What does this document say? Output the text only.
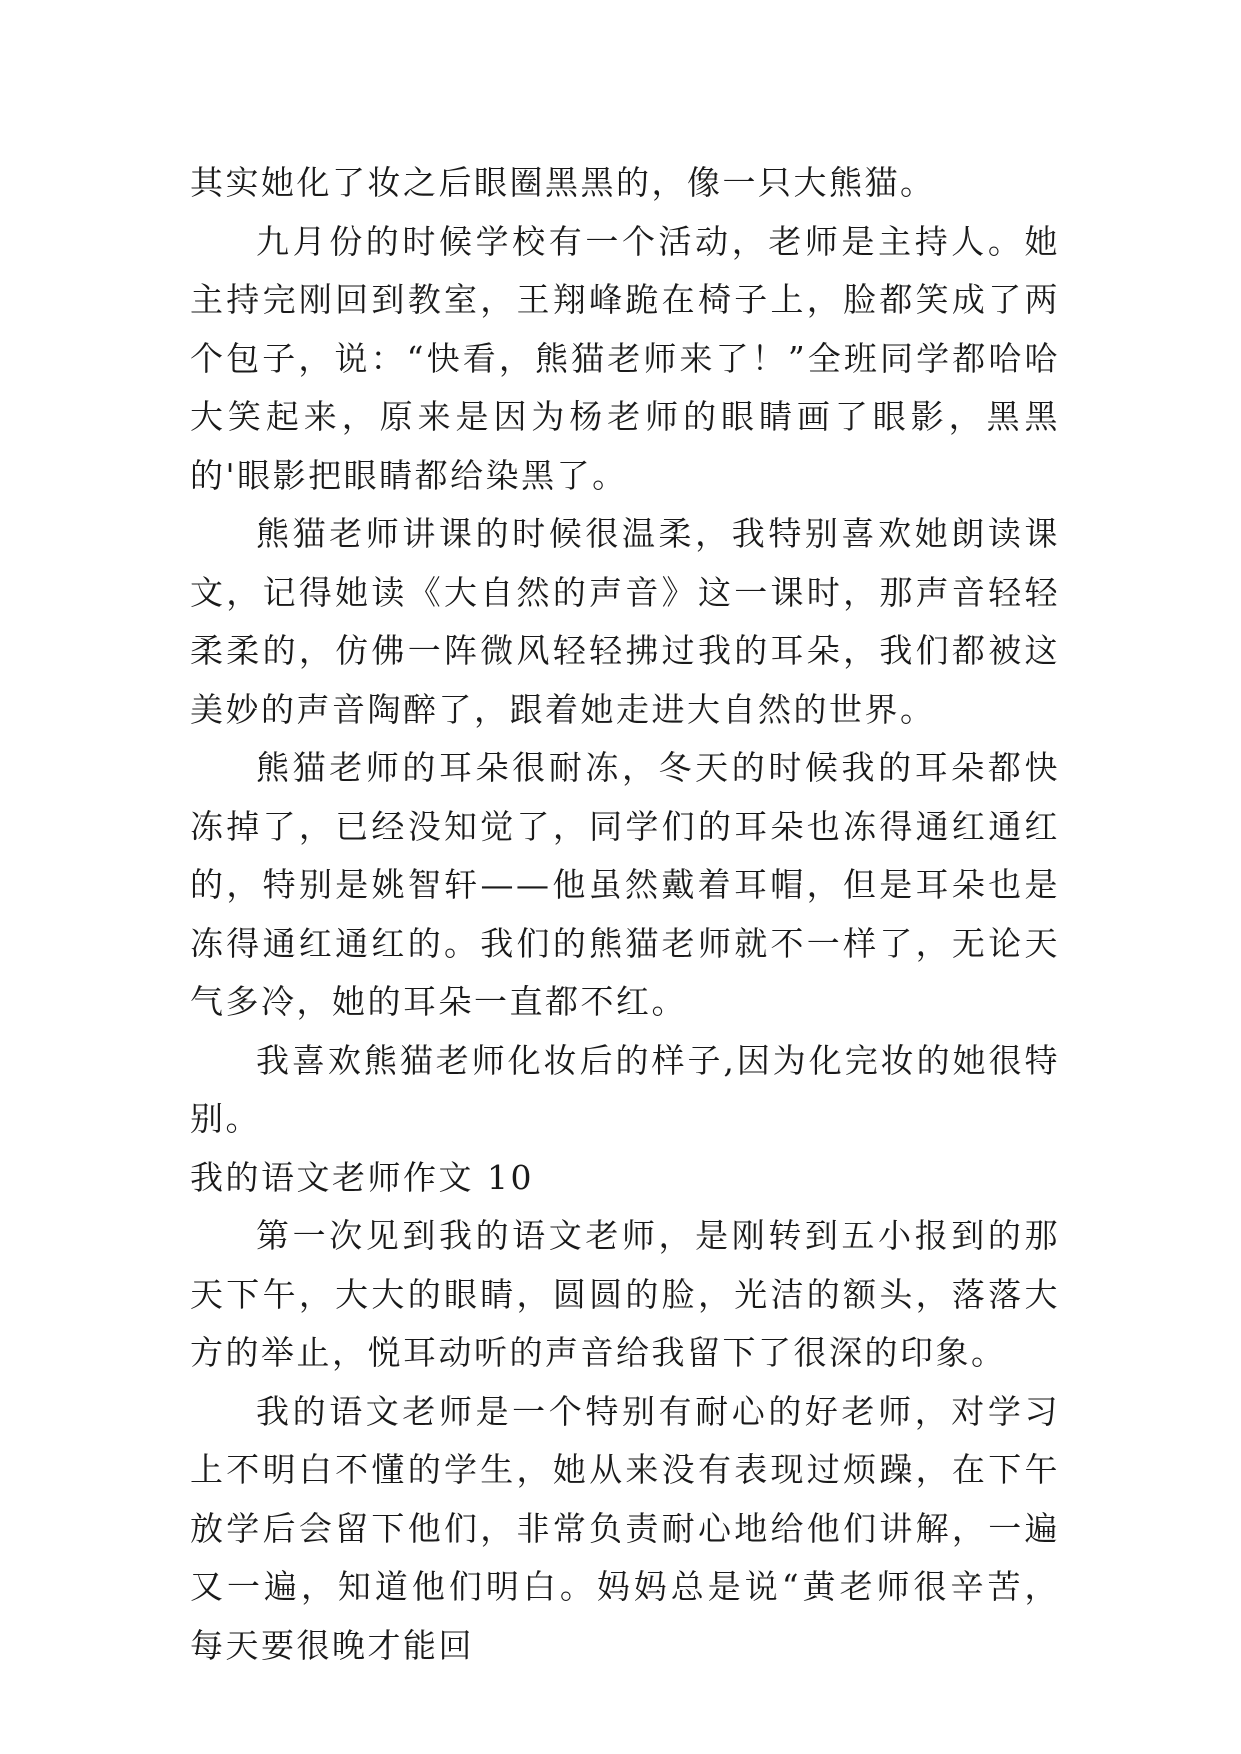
其实她化了妆之后眼圈黑黑的，像一只大熊猫。

九月份的时候学校有一个活动，老师是主持人。她主持完刚回到教室，王翔峰跪在椅子上，脸都笑成了两个包子，说：“快看，熊猫老师来了！”全班同学都哈哈大笑起来，原来是因为杨老师的眼睛画了眼影，黑黑的'眼影把眼睛都给染黑了。

熊猫老师讲课的时候很温柔，我特别喜欢她朗读课文，记得她读《大自然的声音》这一课时，那声音轻轻柔柔的，仿佛一阵微风轻轻拂过我的耳朵，我们都被这美妙的声音陶醉了，跟着她走进大自然的世界。

熊猫老师的耳朵很耐冻，冬天的时候我的耳朵都快冻掉了，已经没知觉了，同学们的耳朵也冻得通红通红的，特别是姚智轩——他虽然戴着耳帽，但是耳朵也是冻得通红通红的。我们的熊猫老师就不一样了，无论天气多冷，她的耳朵一直都不红。

我喜欢熊猫老师化妆后的样子,因为化完妆的她很特别。

我的语文老师作文 10

第一次见到我的语文老师，是刚转到五小报到的那天下午，大大的眼睛，圆圆的脸，光洁的额头，落落大方的举止，悦耳动听的声音给我留下了很深的印象。

我的语文老师是一个特别有耐心的好老师，对学习上不明白不懂的学生，她从来没有表现过烦躁，在下午放学后会留下他们，非常负责耐心地给他们讲解，一遍又一遍，知道他们明白。妈妈总是说“黄老师很辛苦，每天要很晚才能回
